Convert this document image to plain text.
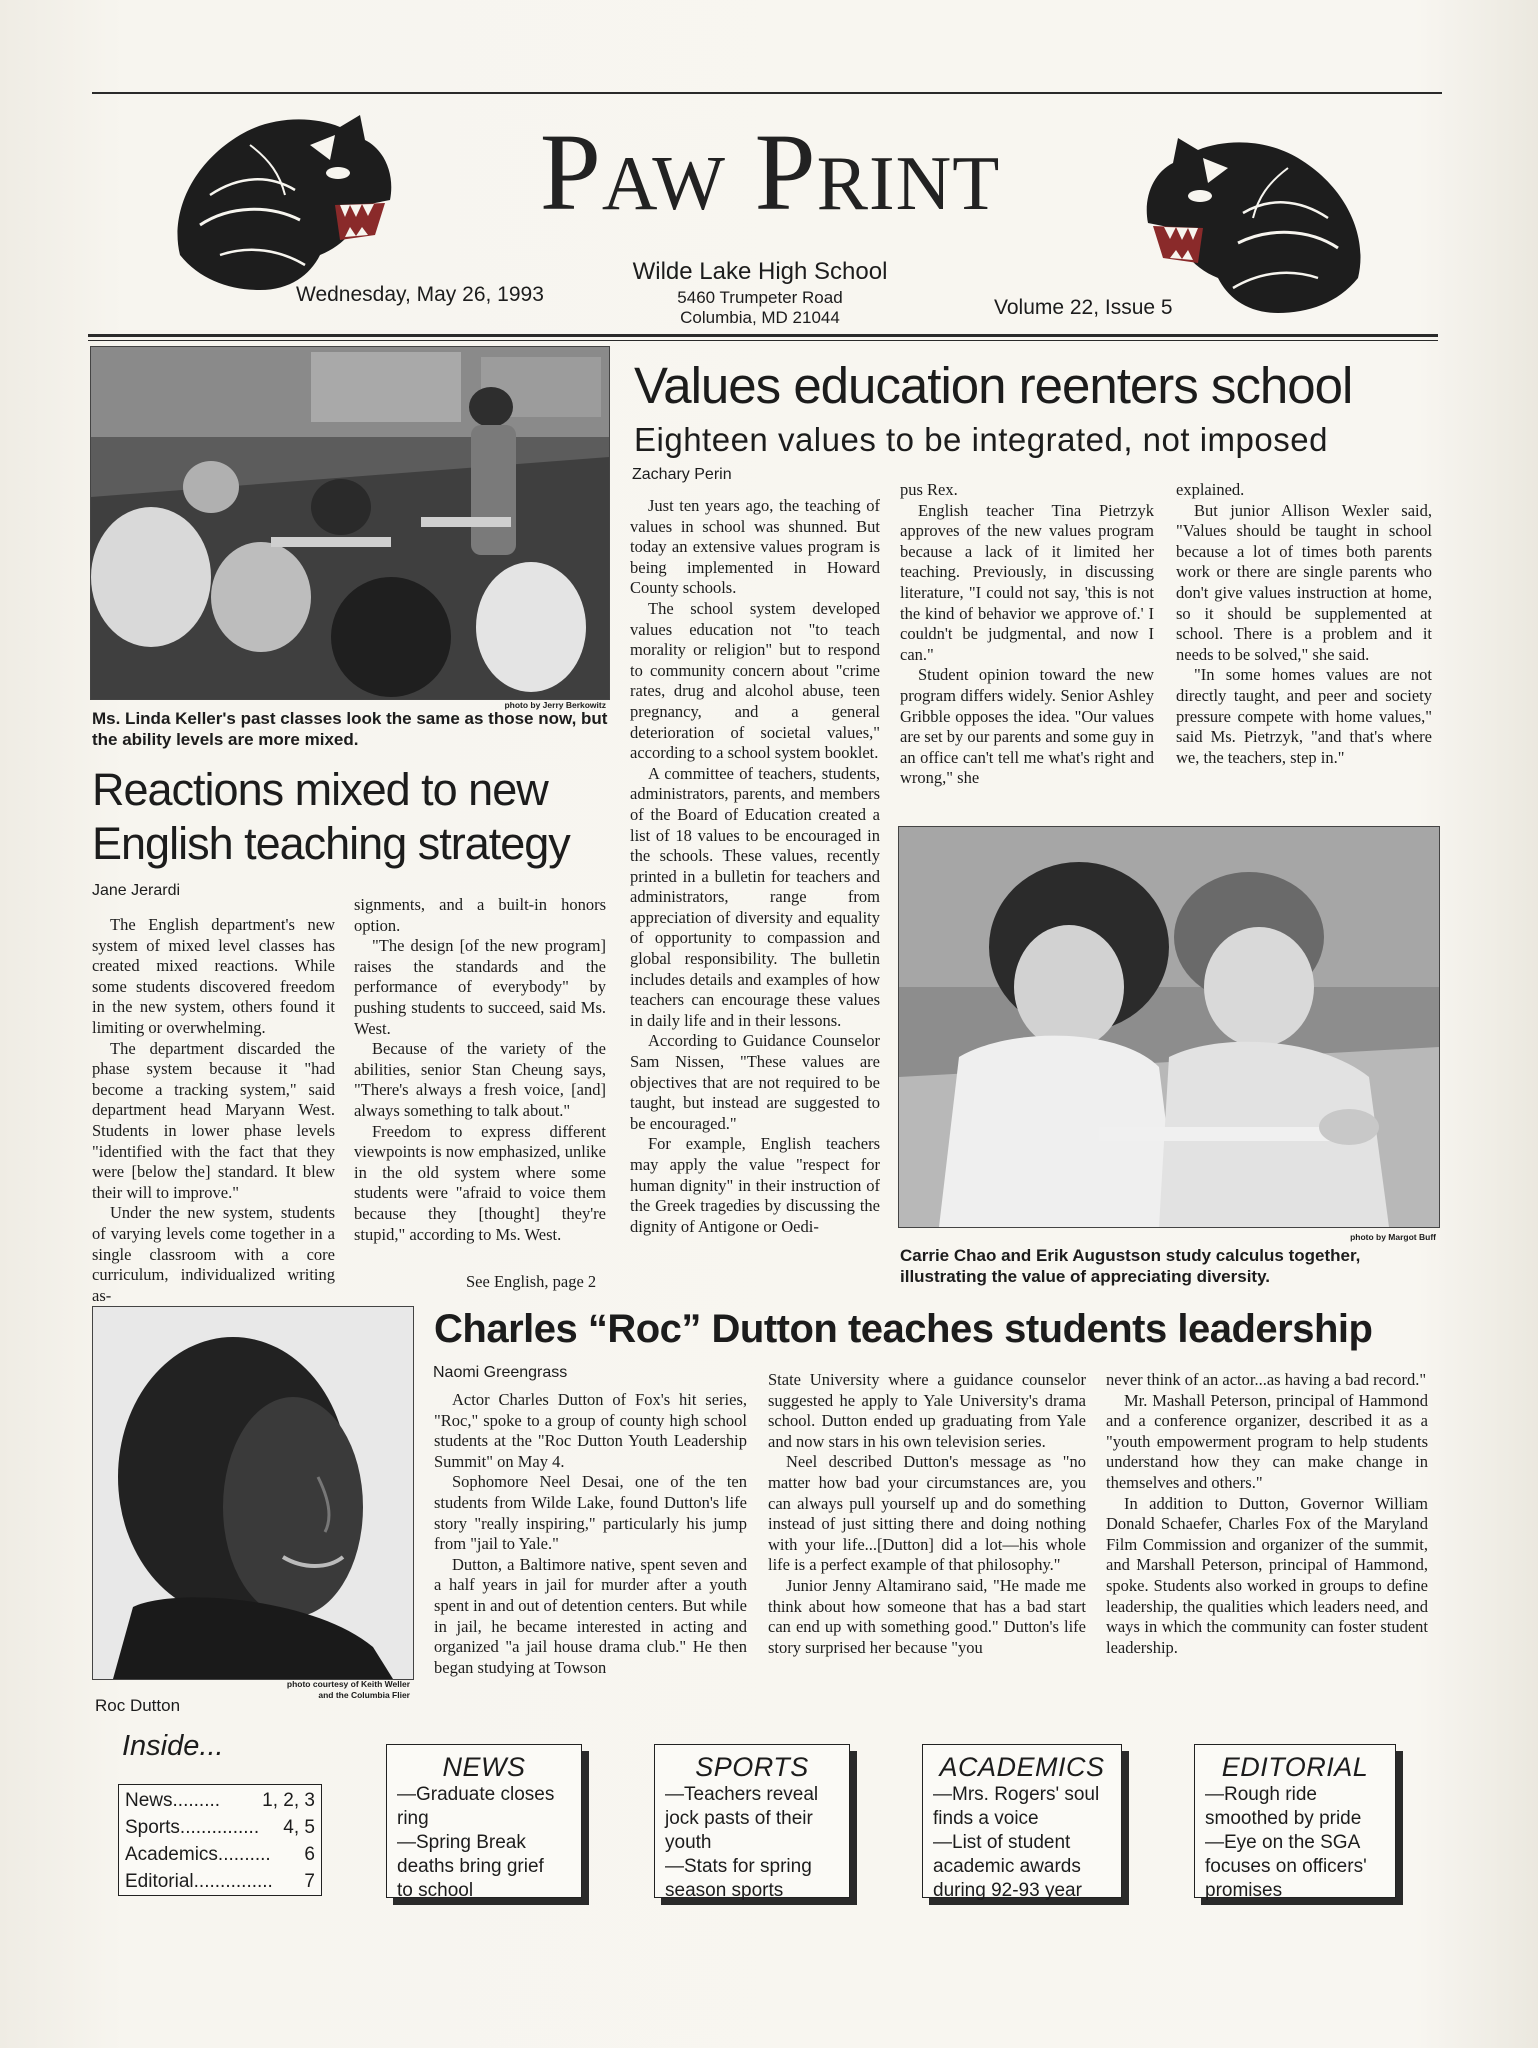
Paw Print
Wednesday, May 26, 1993
Wilde Lake High School
5460 Trumpeter Road
Columbia, MD 21044	Volume 22, Issue 5
photo by Jerry Berkowitz
Ms. Linda Keller's past classes look the same as those now, but the ability levels are more mixed.
Reactions mixed to new
English teaching strategy
Jane Jerardi

The English department's new system of mixed level classes has created mixed reactions. While some students discovered freedom in the new system, others found it limiting or overwhelming.

The department discarded the phase system because it "had become a tracking system," said department head Maryann West. Students in lower phase levels "identified with the fact that they were [below the] standard. It blew their will to improve."

Under the new system, students of varying levels come together in a single classroom with a core curriculum, individualized writing as-

signments, and a built-in honors option.

"The design [of the new program] raises the standards and the performance of everybody" by pushing students to succeed, said Ms. West.

Because of the variety of the abilities, senior Stan Cheung says, "There's always a fresh voice, [and] always something to talk about."

Freedom to express different viewpoints is now emphasized, unlike in the old system where some students were "afraid to voice them because they [thought] they're stupid," according to Ms. West.

See English, page 2
Values education reenters school
Eighteen values to be integrated, not imposed
Zachary Perin

Just ten years ago, the teaching of values in school was shunned. But today an extensive values program is being implemented in Howard County schools.

The school system developed values education not "to teach morality or religion" but to respond to community concern about "crime rates, drug and alcohol abuse, teen pregnancy, and a general deterioration of societal values," according to a school system booklet.

A committee of teachers, students, administrators, parents, and members of the Board of Education created a list of 18 values to be encouraged in the schools. These values, recently printed in a bulletin for teachers and administrators, range from appreciation of diversity and equality of opportunity to compassion and global responsibility. The bulletin includes details and examples of how teachers can encourage these values in daily life and in their lessons.

According to Guidance Counselor Sam Nissen, "These values are objectives that are not required to be taught, but instead are suggested to be encouraged."

For example, English teachers may apply the value "respect for human dignity" in their instruction of the Greek tragedies by discussing the dignity of Antigone or Oedi-

pus Rex.

English teacher Tina Pietrzyk approves of the new values program because a lack of it limited her teaching. Previously, in discussing literature, "I could not say, 'this is not the kind of behavior we approve of.' I couldn't be judgmental, and now I can."

Student opinion toward the new program differs widely. Senior Ashley Gribble opposes the idea. "Our values are set by our parents and some guy in an office can't tell me what's right and wrong," she

explained.

But junior Allison Wexler said, "Values should be taught in school because a lot of times both parents work or there are single parents who don't give values instruction at home, so it should be supplemented at school. There is a problem and it needs to be solved," she said.

"In some homes values are not directly taught, and peer and society pressure compete with home values," said Ms. Pietrzyk, "and that's where we, the teachers, step in."

photo by Margot Buff
Carrie Chao and Erik Augustson study calculus together, illustrating the value of appreciating diversity.
Charles “Roc” Dutton teaches students leadership
Naomi Greengrass
photo courtesy of Keith Weller
and the Columbia Flier
Roc Dutton

Actor Charles Dutton of Fox's hit series, "Roc," spoke to a group of county high school students at the "Roc Dutton Youth Leadership Summit" on May 4.

Sophomore Neel Desai, one of the ten students from Wilde Lake, found Dutton's life story "really inspiring," particularly his jump from "jail to Yale."

Dutton, a Baltimore native, spent seven and a half years in jail for murder after a youth spent in and out of detention centers. But while in jail, he became interested in acting and organized "a jail house drama club." He then began studying at Towson

State University where a guidance counselor suggested he apply to Yale University's drama school. Dutton ended up graduating from Yale and now stars in his own television series.

Neel described Dutton's message as "no matter how bad your circumstances are, you can always pull yourself up and do something instead of just sitting there and doing nothing with your life...[Dutton] did a lot—his whole life is a perfect example of that philosophy."

Junior Jenny Altamirano said, "He made me think about how someone that has a bad start can end up with something good." Dutton's life story surprised her because "you

never think of an actor...as having a bad record."

Mr. Mashall Peterson, principal of Hammond and a conference organizer, described it as a "youth empowerment program to help students understand how they can make change in themselves and others."

In addition to Dutton, Governor William Donald Schaefer, Charles Fox of the Maryland Film Commission and organizer of the summit, and Marshall Peterson, principal of Hammond, spoke. Students also worked in groups to define leadership, the qualities which leaders need, and ways in which the community can foster student leadership.

Inside...
News .........	1, 2, 3
Sports ...............	4, 5
Academics ..........	6
Editorial ...............	7
NEWS
—Graduate closes
ring
—Spring Break
deaths bring grief
to school
SPORTS
—Teachers reveal
jock pasts of their
youth
—Stats for spring
season sports
ACADEMICS
—Mrs. Rogers' soul
finds a voice
—List of student
academic awards
during 92-93 year
EDITORIAL
—Rough ride
smoothed by pride
—Eye on the SGA
focuses on officers'
promises
